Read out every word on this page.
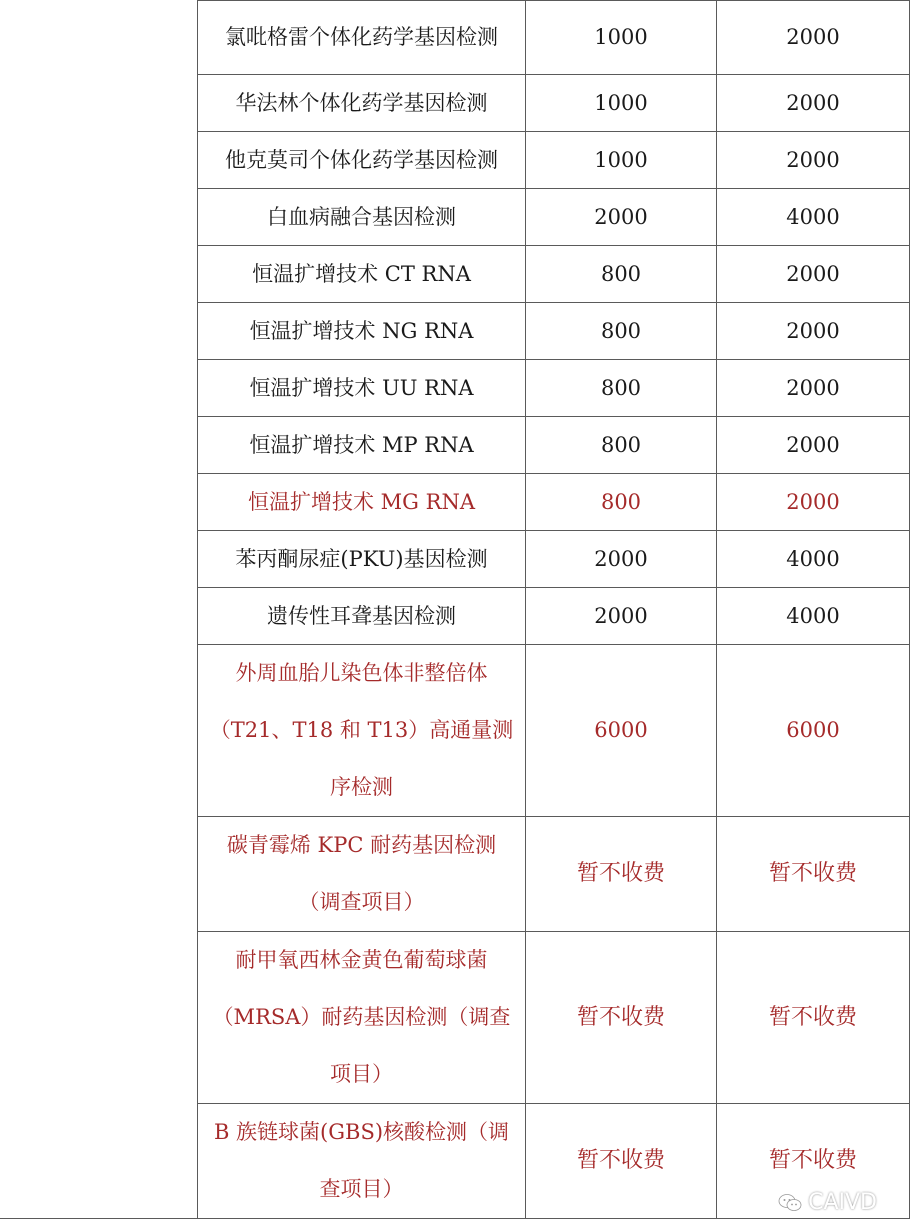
	氯吡格雷个体化药学基因检测	1000	2000
	华法林个体化药学基因检测	1000	2000
	他克莫司个体化药学基因检测	1000	2000
	白血病融合基因检测	2000	4000
	恒温扩增技术 CT RNA	800	2000
	恒温扩增技术 NG RNA	800	2000
	恒温扩增技术 UU RNA	800	2000
	恒温扩增技术 MP RNA	800	2000
	恒温扩增技术 MG RNA	800	2000
	苯丙酮尿症(PKU)基因检测	2000	4000
	遗传性耳聋基因检测	2000	4000
	外周血胎儿染色体非整倍体（T21、T18 和 T13）高通量测序检测	6000	6000
	碳青霉烯 KPC 耐药基因检测（调查项目）	暂不收费	暂不收费
	耐甲氧西林金黄色葡萄球菌（MRSA）耐药基因检测（调查项目）	暂不收费	暂不收费
	B 族链球菌(GBS)核酸检测（调查项目）	暂不收费	暂不收费
CAIVD
